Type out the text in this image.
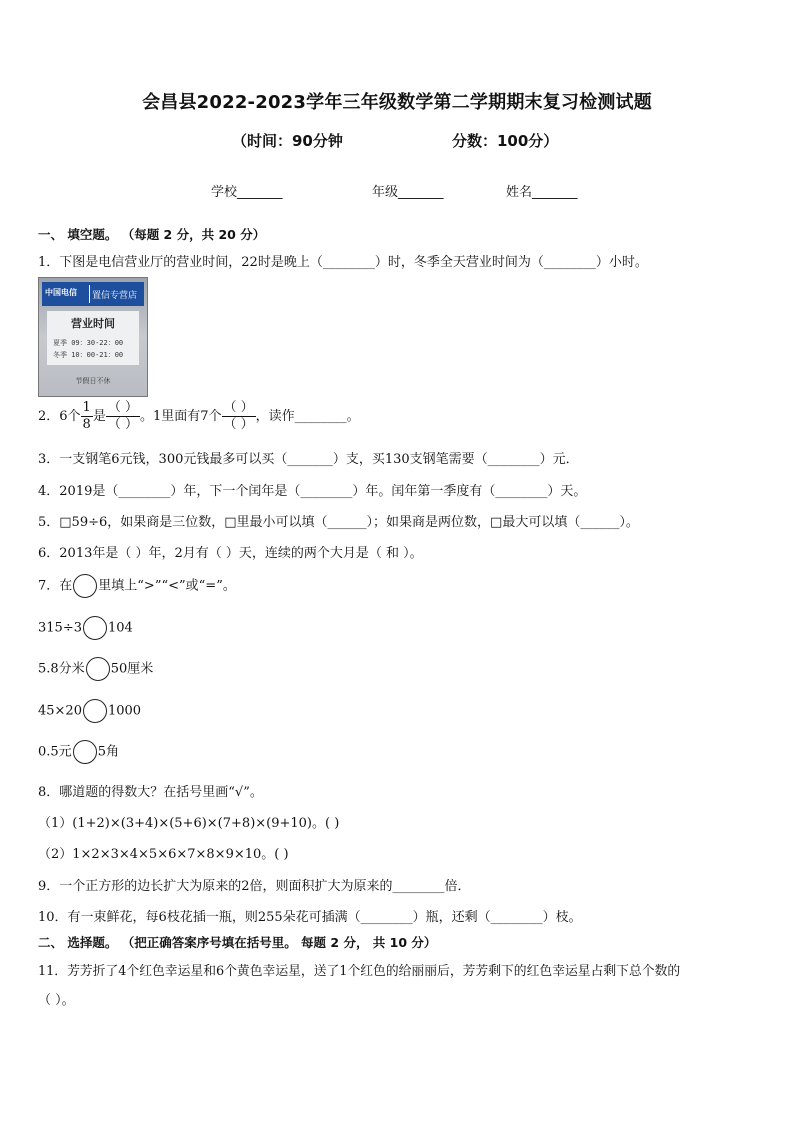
会昌县2022-2023学年三年级数学第二学期期末复习检测试题
（时间：90分钟	分数：100分）
学校_______	年级_______	姓名_______
一、 填空题。 （每题 2 分，共 20 分）
1．下图是电信营业厅的营业时间，22时是晚上（________）时，冬季全天营业时间为（________）小时。
中国电信 置信专营店
营业时间
夏季 09：30-22：00
冬季 10：00-21：00
节假日不休
2．6个 $\frac{1}{8}$ 是 $\frac{( )}{( )}$ 。1里面有7个 $\frac{( )}{( )}$ ，读作________。
3．一支钢笔6元钱，300元钱最多可以买（_______）支，买130支钢笔需要（________）元．
4．2019是（________）年，下一个闰年是（________）年。闰年第一季度有（________）天。
5．□59÷6，如果商是三位数，□里最小可以填（______）；如果商是两位数，□最大可以填（______）。
6．2013年是（ ）年，2月有（ ）天，连续的两个大月是（ 和 ）。
7．在 里填上“>”“<”或“=”。
315÷3 104
5.8分米 50厘米
45×20 1000
0.5元 5角
8．哪道题的得数大？在括号里画“√”。
（1）(1+2)×(3+4)×(5+6)×(7+8)×(9+10)。( )
（2）1×2×3×4×5×6×7×8×9×10。( )
9．一个正方形的边长扩大为原来的2倍，则面积扩大为原来的________倍．
10．有一束鲜花，每6枝花插一瓶，则255朵花可插满（________）瓶，还剩（________）枝。
二、 选择题。 （把正确答案序号填在括号里。 每题 2 分， 共 10 分）
11．芳芳折了4个红色幸运星和6个黄色幸运星，送了1个红色的给丽丽后，芳芳剩下的红色幸运星占剩下总个数的
（ ）。
